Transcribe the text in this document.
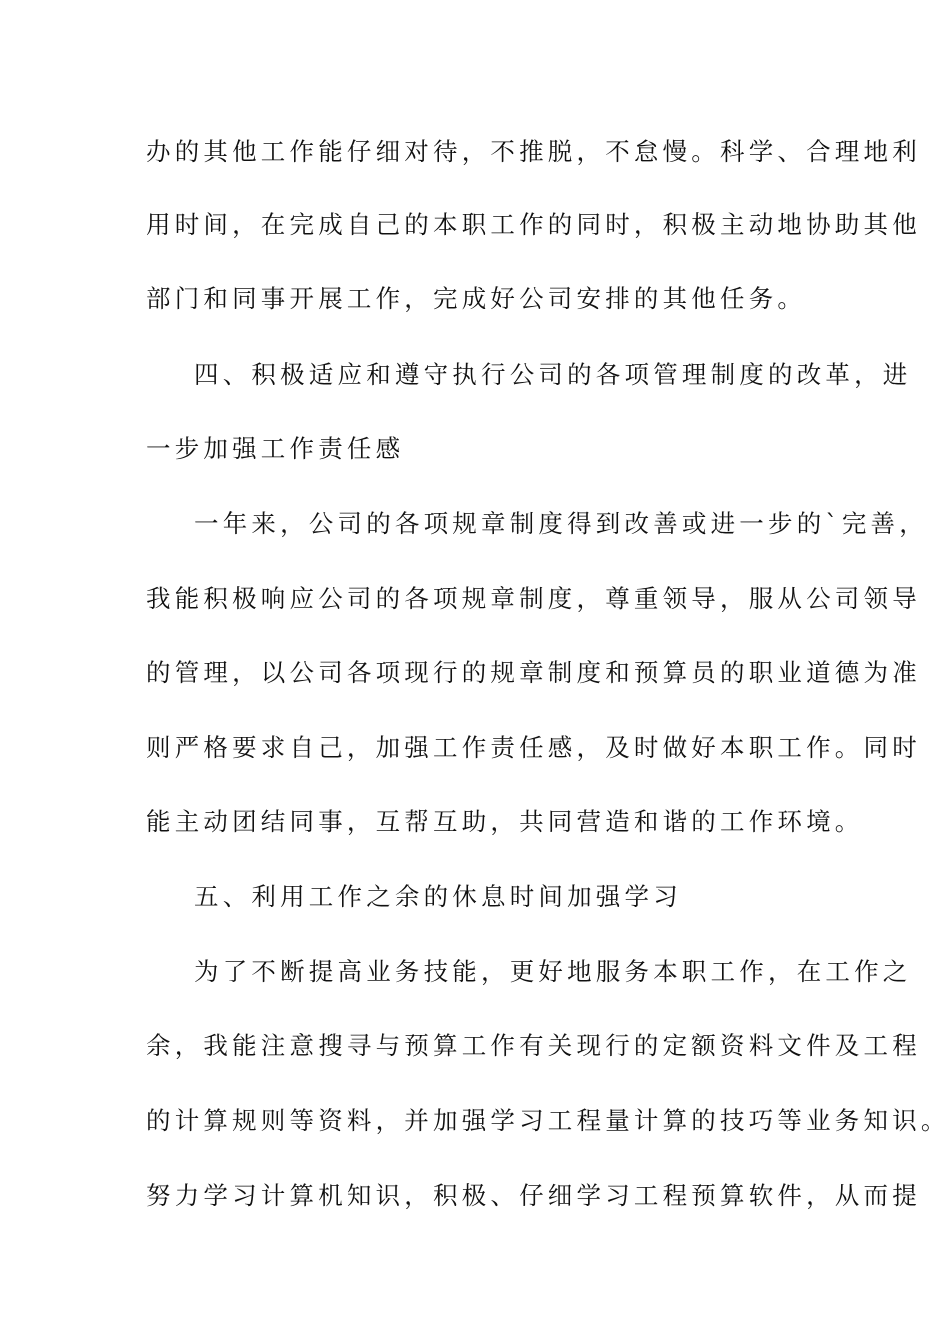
办的其他工作能仔细对待，不推脱，不怠慢。科学、合理地利
用时间，在完成自己的本职工作的同时，积极主动地协助其他
部门和同事开展工作，完成好公司安排的其他任务。
四、积极适应和遵守执行公司的各项管理制度的改革，进
一步加强工作责任感
一年来，公司的各项规章制度得到改善或进一步的`完善，
我能积极响应公司的各项规章制度，尊重领导，服从公司领导
的管理，以公司各项现行的规章制度和预算员的职业道德为准
则严格要求自己，加强工作责任感，及时做好本职工作。同时
能主动团结同事，互帮互助，共同营造和谐的工作环境。
五、利用工作之余的休息时间加强学习
为了不断提高业务技能，更好地服务本职工作，在工作之
余，我能注意搜寻与预算工作有关现行的定额资料文件及工程
的计算规则等资料，并加强学习工程量计算的技巧等业务知识。
努力学习计算机知识，积极、仔细学习工程预算软件，从而提
